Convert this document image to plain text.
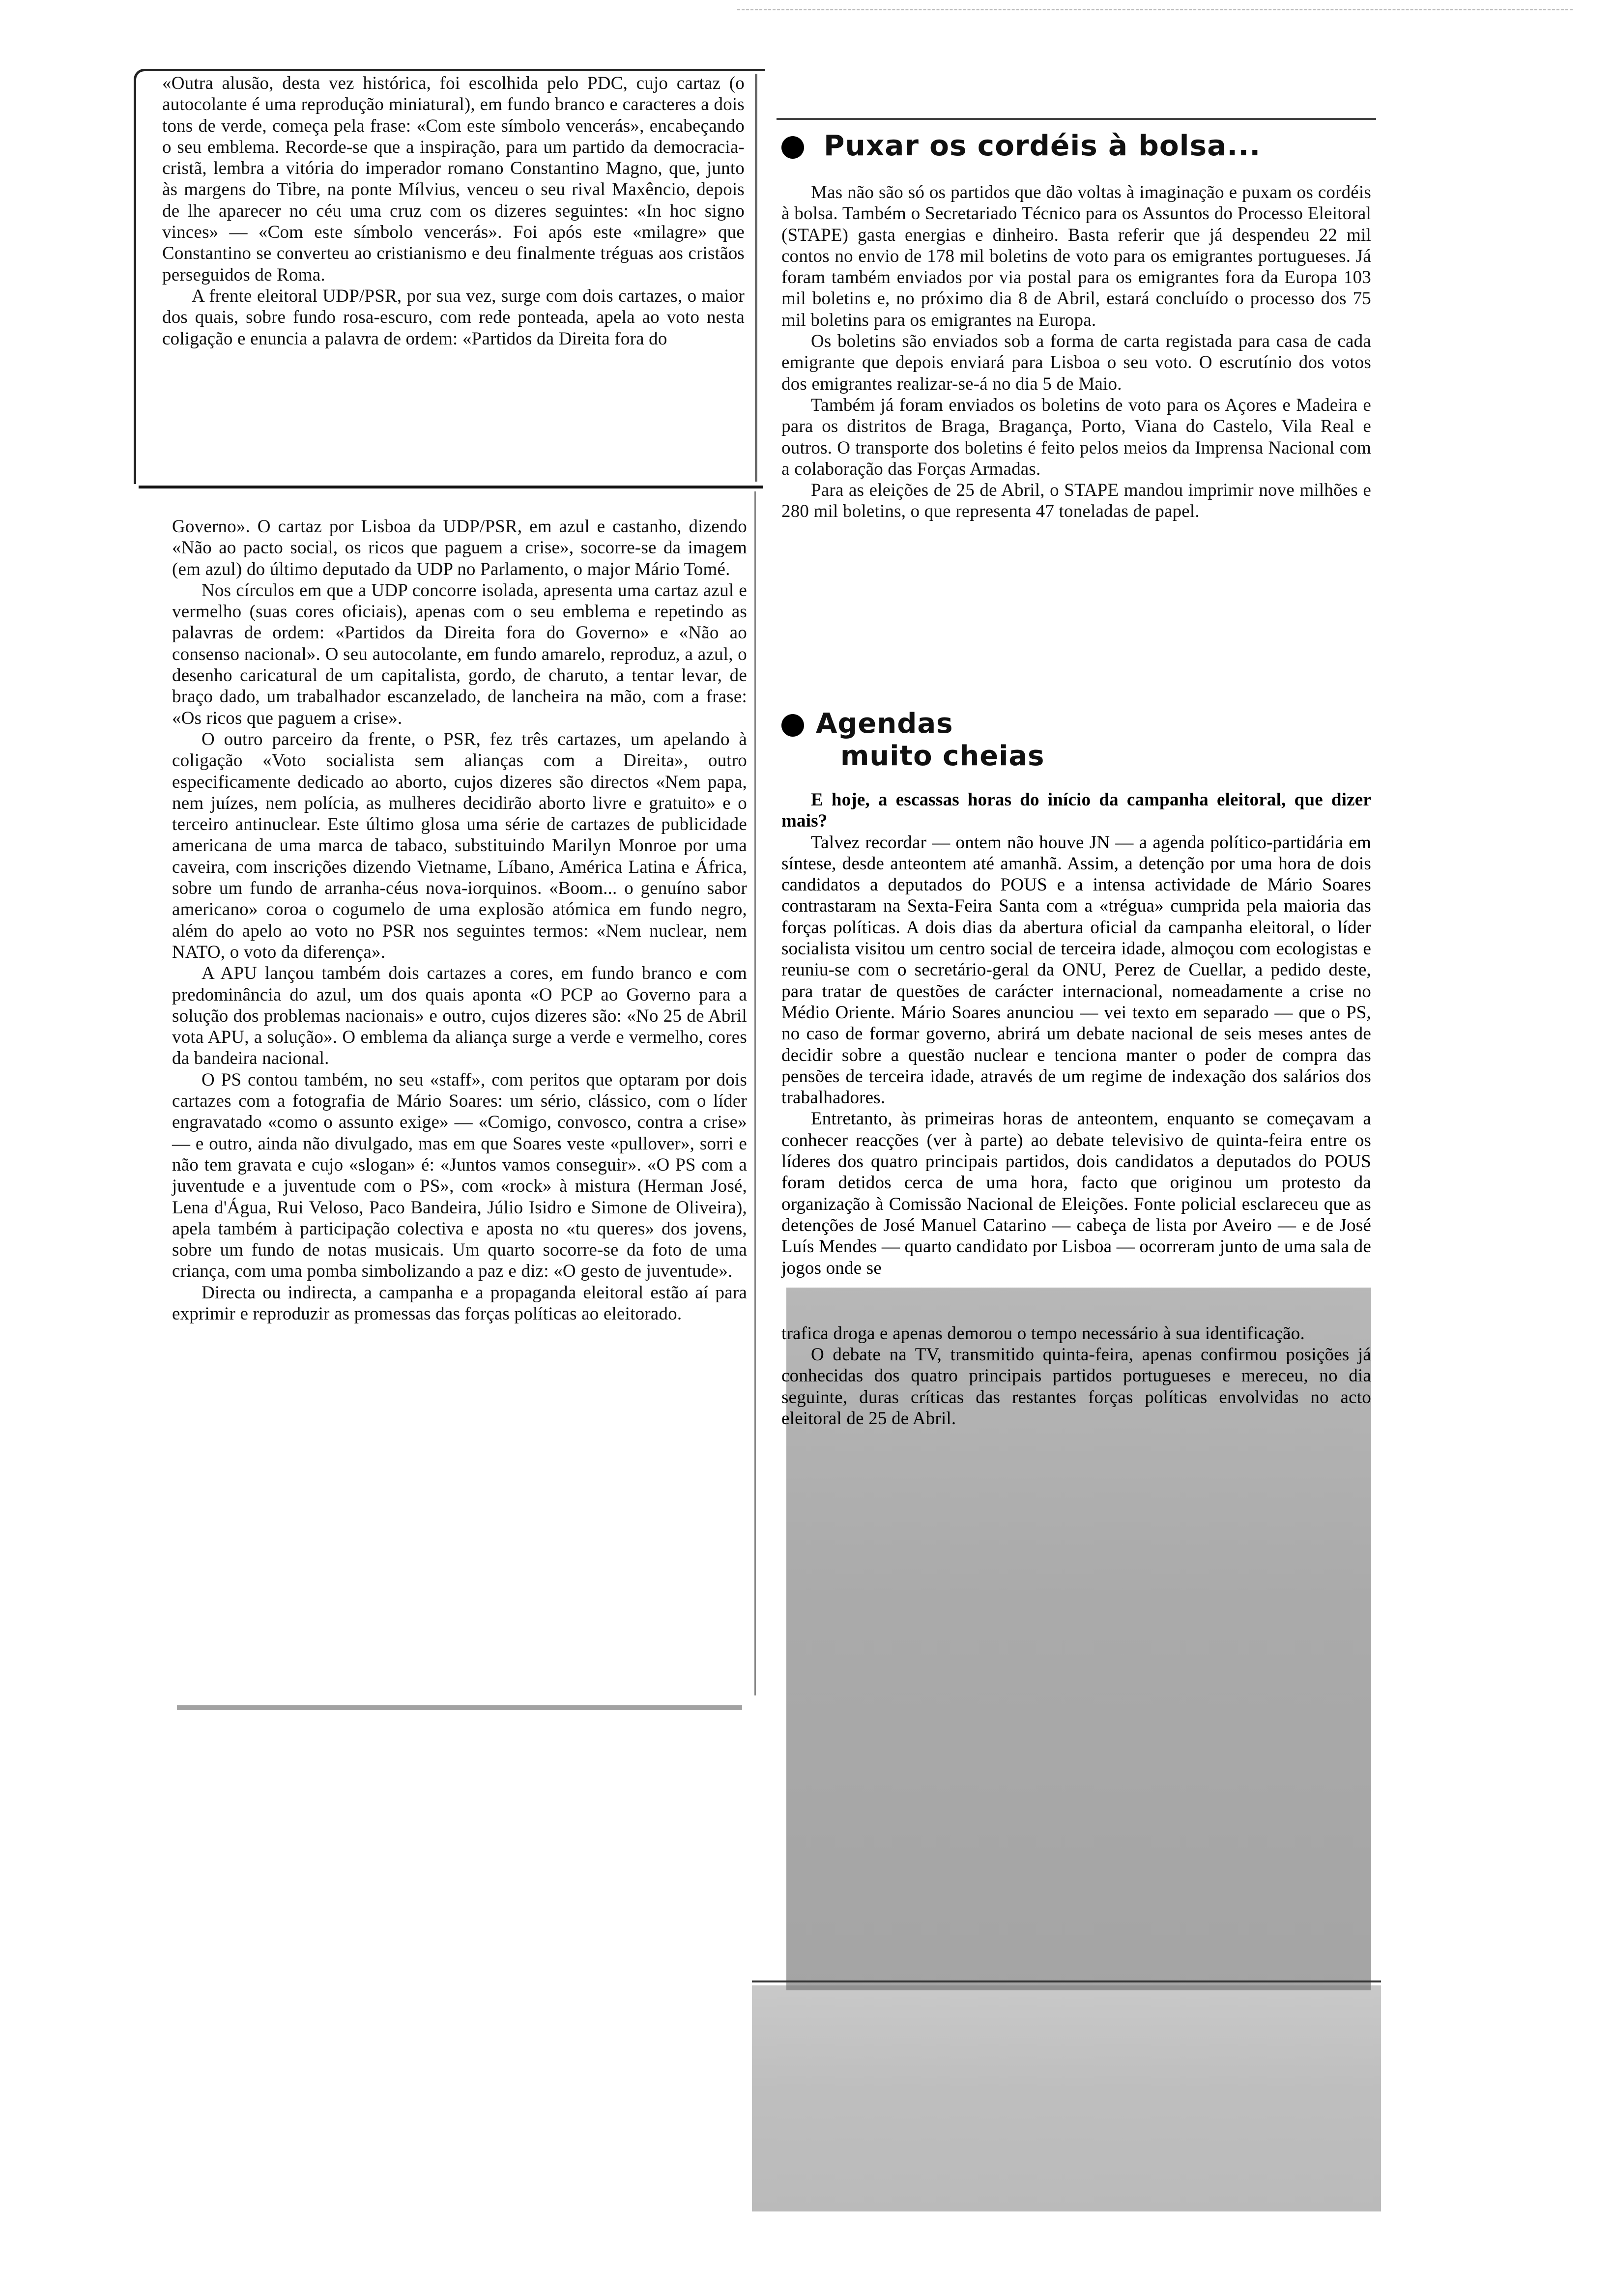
«Outra alusão, desta vez histórica, foi escolhida pelo PDC, cujo cartaz (o autocolante é uma reprodução miniatural), em fundo branco e caracteres a dois tons de verde, começa pela frase: «Com este símbolo vencerás», encabeçando o seu emblema. Recorde-se que a inspiração, para um partido da democracia-cristã, lembra a vitória do imperador romano Constantino Magno, que, junto às margens do Tibre, na ponte Mílvius, venceu o seu rival Maxêncio, depois de lhe aparecer no céu uma cruz com os dizeres seguintes: «In hoc signo vinces» — «Com este símbolo vencerás». Foi após este «milagre» que Constantino se converteu ao cristianismo e deu finalmente tréguas aos cristãos perseguidos de Roma.

A frente eleitoral UDP/PSR, por sua vez, surge com dois cartazes, o maior dos quais, sobre fundo rosa-escuro, com rede ponteada, apela ao voto nesta coligação e enuncia a palavra de ordem: «Partidos da Direita fora do

Governo». O cartaz por Lisboa da UDP/PSR, em azul e castanho, dizendo «Não ao pacto social, os ricos que paguem a crise», socorre-se da imagem (em azul) do último deputado da UDP no Parlamento, o major Mário Tomé.

Nos círculos em que a UDP concorre isolada, apresenta uma cartaz azul e vermelho (suas cores oficiais), apenas com o seu emblema e repetindo as palavras de ordem: «Partidos da Direita fora do Governo» e «Não ao consenso nacional». O seu autocolante, em fundo amarelo, reproduz, a azul, o desenho caricatural de um capitalista, gordo, de charuto, a tentar levar, de braço dado, um trabalhador escanzelado, de lancheira na mão, com a frase: «Os ricos que paguem a crise».

O outro parceiro da frente, o PSR, fez três cartazes, um apelando à coligação «Voto socialista sem alianças com a Direita», outro especificamente dedicado ao aborto, cujos dizeres são directos «Nem papa, nem juízes, nem polícia, as mulheres decidirão aborto livre e gratuito» e o terceiro antinuclear. Este último glosa uma série de cartazes de publicidade americana de uma marca de tabaco, substituindo Marilyn Monroe por uma caveira, com inscrições dizendo Vietname, Líbano, América Latina e África, sobre um fundo de arranha-céus nova-iorquinos. «Boom... o genuíno sabor americano» coroa o cogumelo de uma explosão atómica em fundo negro, além do apelo ao voto no PSR nos seguintes termos: «Nem nuclear, nem NATO, o voto da diferença».

A APU lançou também dois cartazes a cores, em fundo branco e com predominância do azul, um dos quais aponta «O PCP ao Governo para a solução dos problemas nacionais» e outro, cujos dizeres são: «No 25 de Abril vota APU, a solução». O emblema da aliança surge a verde e vermelho, cores da bandeira nacional.

O PS contou também, no seu «staff», com peritos que optaram por dois cartazes com a fotografia de Mário Soares: um sério, clássico, com o líder engravatado «como o assunto exige» — «Comigo, convosco, contra a crise» — e outro, ainda não divulgado, mas em que Soares veste «pullover», sorri e não tem gravata e cujo «slogan» é: «Juntos vamos conseguir». «O PS com a juventude e a juventude com o PS», com «rock» à mistura (Herman José, Lena d'Água, Rui Veloso, Paco Bandeira, Júlio Isidro e Simone de Oliveira), apela também à participação colectiva e aposta no «tu queres» dos jovens, sobre um fundo de notas musicais. Um quarto socorre-se da foto de uma criança, com uma pomba simbolizando a paz e diz: «O gesto de juventude».

Directa ou indirecta, a campanha e a propaganda eleitoral estão aí para exprimir e reproduzir as promessas das forças políticas ao eleitorado.

Puxar os cordéis à bolsa...

Mas não são só os partidos que dão voltas à imaginação e puxam os cordéis à bolsa. Também o Secretariado Técnico para os Assuntos do Processo Eleitoral (STAPE) gasta energias e dinheiro. Basta referir que já despendeu 22 mil contos no envio de 178 mil boletins de voto para os emigrantes portugueses. Já foram também enviados por via postal para os emigrantes fora da Europa 103 mil boletins e, no próximo dia 8 de Abril, estará concluído o processo dos 75 mil boletins para os emigrantes na Europa.

Os boletins são enviados sob a forma de carta registada para casa de cada emigrante que depois enviará para Lisboa o seu voto. O escrutínio dos votos dos emigrantes realizar-se-á no dia 5 de Maio.

Também já foram enviados os boletins de voto para os Açores e Madeira e para os distritos de Braga, Bragança, Porto, Viana do Castelo, Vila Real e outros. O transporte dos boletins é feito pelos meios da Imprensa Nacional com a colaboração das Forças Armadas.

Para as eleições de 25 de Abril, o STAPE mandou imprimir nove milhões e 280 mil boletins, o que representa 47 toneladas de papel.

Agendas
muito cheias

E hoje, a escassas horas do início da campanha eleitoral, que dizer mais?

Talvez recordar — ontem não houve JN — a agenda político-partidária em síntese, desde anteontem até amanhã. Assim, a detenção por uma hora de dois candidatos a deputados do POUS e a intensa actividade de Mário Soares contrastaram na Sexta-Feira Santa com a «trégua» cumprida pela maioria das forças políticas. A dois dias da abertura oficial da campanha eleitoral, o líder socialista visitou um centro social de terceira idade, almoçou com ecologistas e reuniu-se com o secretário-geral da ONU, Perez de Cuellar, a pedido deste, para tratar de questões de carácter internacional, nomeadamente a crise no Médio Oriente. Mário Soares anunciou — vei texto em separado — que o PS, no caso de formar governo, abrirá um debate nacional de seis meses antes de decidir sobre a questão nuclear e tenciona manter o poder de compra das pensões de terceira idade, através de um regime de indexação dos salários dos trabalhadores.

Entretanto, às primeiras horas de anteontem, enquanto se começavam a conhecer reacções (ver à parte) ao debate televisivo de quinta-feira entre os líderes dos quatro principais partidos, dois candidatos a deputados do POUS foram detidos cerca de uma hora, facto que originou um protesto da organização à Comissão Nacional de Eleições. Fonte policial esclareceu que as detenções de José Manuel Catarino — cabeça de lista por Aveiro — e de José Luís Mendes — quarto candidato por Lisboa — ocorreram junto de uma sala de jogos onde se

trafica droga e apenas demorou o tempo necessário à sua identificação.

O debate na TV, transmitido quinta-feira, apenas confirmou posições já conhecidas dos quatro principais partidos portugueses e mereceu, no dia seguinte, duras críticas das restantes forças políticas envolvidas no acto eleitoral de 25 de Abril.
